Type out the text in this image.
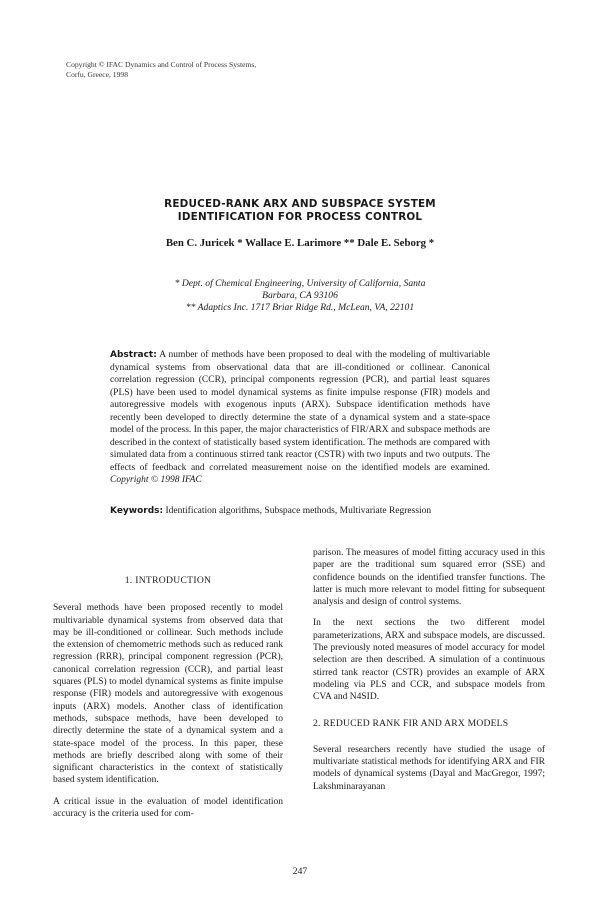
Copyright © IFAC Dynamics and Control of Process Systems,
Corfu, Greece, 1998
REDUCED-RANK ARX AND SUBSPACE SYSTEM
IDENTIFICATION FOR PROCESS CONTROL
Ben C. Juricek * Wallace E. Larimore ** Dale E. Seborg *
* Dept. of Chemical Engineering, University of California, Santa
Barbara, CA 93106
** Adaptics Inc. 1717 Briar Ridge Rd., McLean, VA, 22101
Abstract: A number of methods have been proposed to deal with the modeling of multivariable dynamical systems from observational data that are ill-conditioned or collinear. Canonical correlation regression (CCR), principal components regression (PCR), and partial least squares (PLS) have been used to model dynamical systems as finite impulse response (FIR) models and autoregressive models with exogenous inputs (ARX). Subspace identification methods have recently been developed to directly determine the state of a dynamical system and a state-space model of the process. In this paper, the major characteristics of FIR/ARX and subspace methods are described in the context of statistically based system identification. The methods are compared with simulated data from a continuous stirred tank reactor (CSTR) with two inputs and two outputs. The effects of feedback and correlated measurement noise on the identified models are examined. Copyright © 1998 IFAC
Keywords: Identification algorithms, Subspace methods, Multivariate Regression
1. INTRODUCTION

Several methods have been proposed recently to model multivariable dynamical systems from observed data that may be ill-conditioned or collinear. Such methods include the extension of chemometric methods such as reduced rank regression (RRR), principal component regression (PCR), canonical correlation regression (CCR), and partial least squares (PLS) to model dynamical systems as finite impulse response (FIR) models and autoregressive with exogenous inputs (ARX) models. Another class of identification methods, subspace methods, have been developed to directly determine the state of a dynamical system and a state-space model of the process. In this paper, these methods are briefly described along with some of their significant characteristics in the context of statistically based system identification.

A critical issue in the evaluation of model identification accuracy is the criteria used for com-

parison. The measures of model fitting accuracy used in this paper are the traditional sum squared error (SSE) and confidence bounds on the identified transfer functions. The latter is much more relevant to model fitting for subsequent analysis and design of control systems.

In the next sections the two different model parameterizations, ARX and subspace models, are discussed. The previously noted measures of model accuracy for model selection are then described. A simulation of a continuous stirred tank reactor (CSTR) provides an example of ARX modeling via PLS and CCR, and subspace models from CVA and N4SID.

2. REDUCED RANK FIR AND ARX MODELS

Several researchers recently have studied the usage of multivariate statistical methods for identifying ARX and FIR models of dynamical systems (Dayal and MacGregor, 1997; Lakshminarayanan

247
